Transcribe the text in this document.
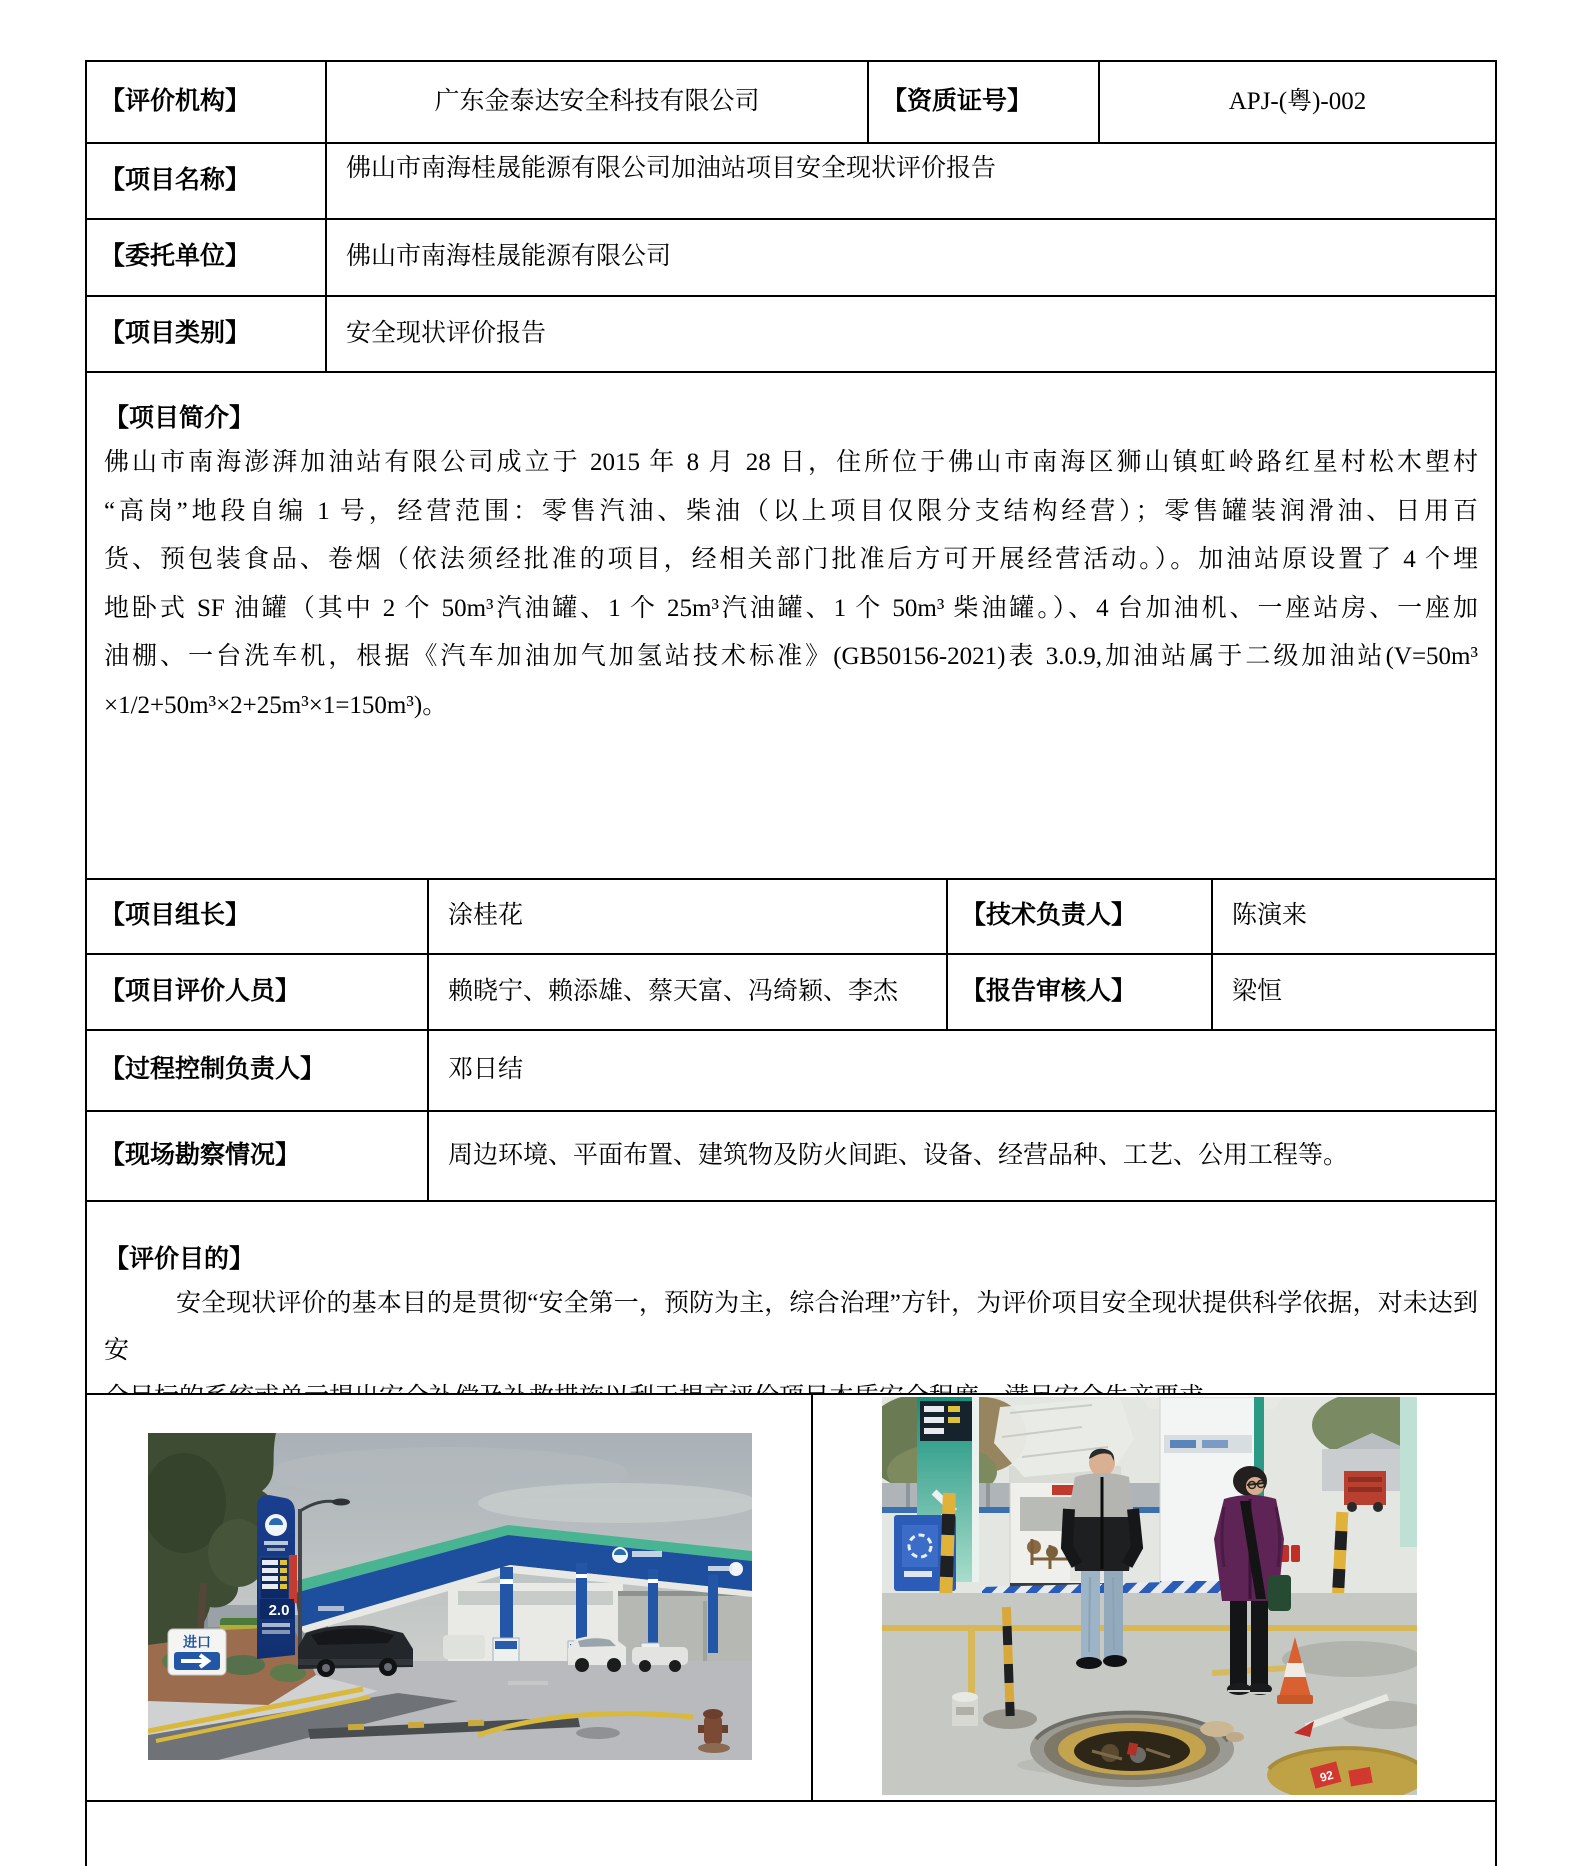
【评价机构】	广东金泰达安全科技有限公司	【资质证号】	APJ-(粤)-002
【项目名称】	佛山市南海桂晟能源有限公司加油站项目安全现状评价报告
【委托单位】	佛山市南海桂晟能源有限公司
【项目类别】	安全现状评价报告
【项目简介】
佛山市南海澎湃加油站有限公司成立于 2015 年 8 月 28 日，住所位于佛山市南海区狮山镇虹岭路红星村松木塱村
“高岗”地段自编 1 号，经营范围：零售汽油、柴油（以上项目仅限分支结构经营）；零售罐装润滑油、日用百
货、预包装食品、卷烟（依法须经批准的项目，经相关部门批准后方可开展经营活动。）。加油站原设置了 4 个埋
地卧式 SF 油罐（其中 2 个 50m³汽油罐、1 个 25m³汽油罐、1 个 50m³ 柴油罐。）、4 台加油机、一座站房、一座加
油棚、一台洗车机，根据《汽车加油加气加氢站技术标准》(GB50156-2021)表 3.0.9,加油站属于二级加油站(V=50m³
×1/2+50m³×2+25m³×1=150m³)。
【项目组长】	涂桂花	【技术负责人】	陈演来
【项目评价人员】	赖晓宁、赖添雄、蔡天富、冯绮颖、李杰	【报告审核人】	梁恒
【过程控制负责人】	邓日结
【现场勘察情况】	周边环境、平面布置、建筑物及防火间距、设备、经营品种、工艺、公用工程等。
【评价目的】
安全现状评价的基本目的是贯彻“安全第一，预防为主，综合治理”方针，为评价项目安全现状提供科学依据，对未达到安
2.0
进口
92
